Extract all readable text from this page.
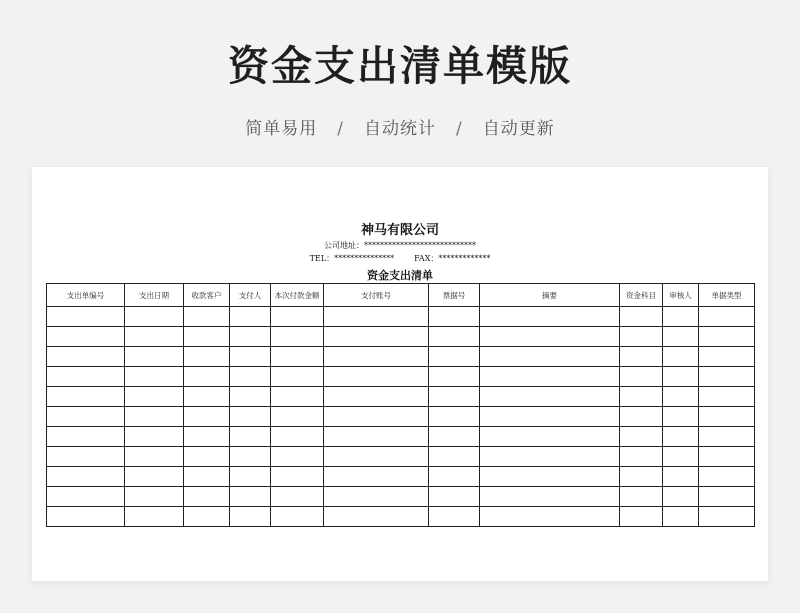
资金支出清单模版
简单易用 / 自动统计 / 自动更新
神马有限公司
公司地址：****************************
TEL：***************	FAX：*************
资金支出清单
支出单编号	支出日期	收款客户	支付人	本次付款金额	支付账号	票据号	摘要	资金科目	审核人	单据类型
